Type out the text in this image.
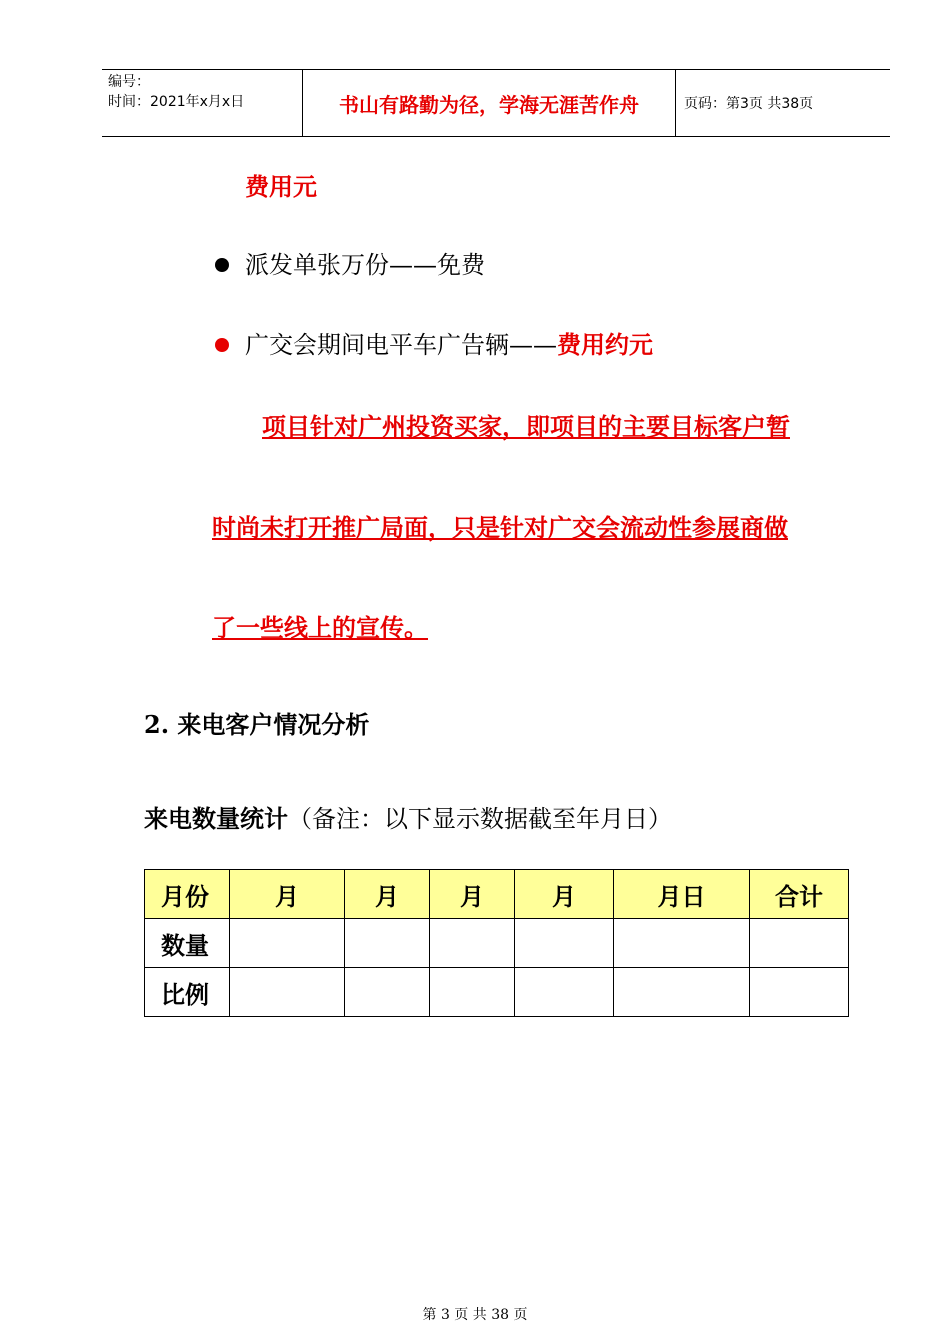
编号：
时间：2021年x月x日	书山有路勤为径，学海无涯苦作舟	页码：第3页 共38页
费用元
派发单张万份——免费
广交会期间电平车广告辆——费用约元
项目针对广州投资买家，即项目的主要目标客户暂
时尚未打开推广局面，只是针对广交会流动性参展商做
了一些线上的宣传。
2. 来电客户情况分析
来电数量统计（备注：以下显示数据截至年月日）
月份	月	月	月	月	月日	合计
数量						
比例						
第 3 页 共 38 页
